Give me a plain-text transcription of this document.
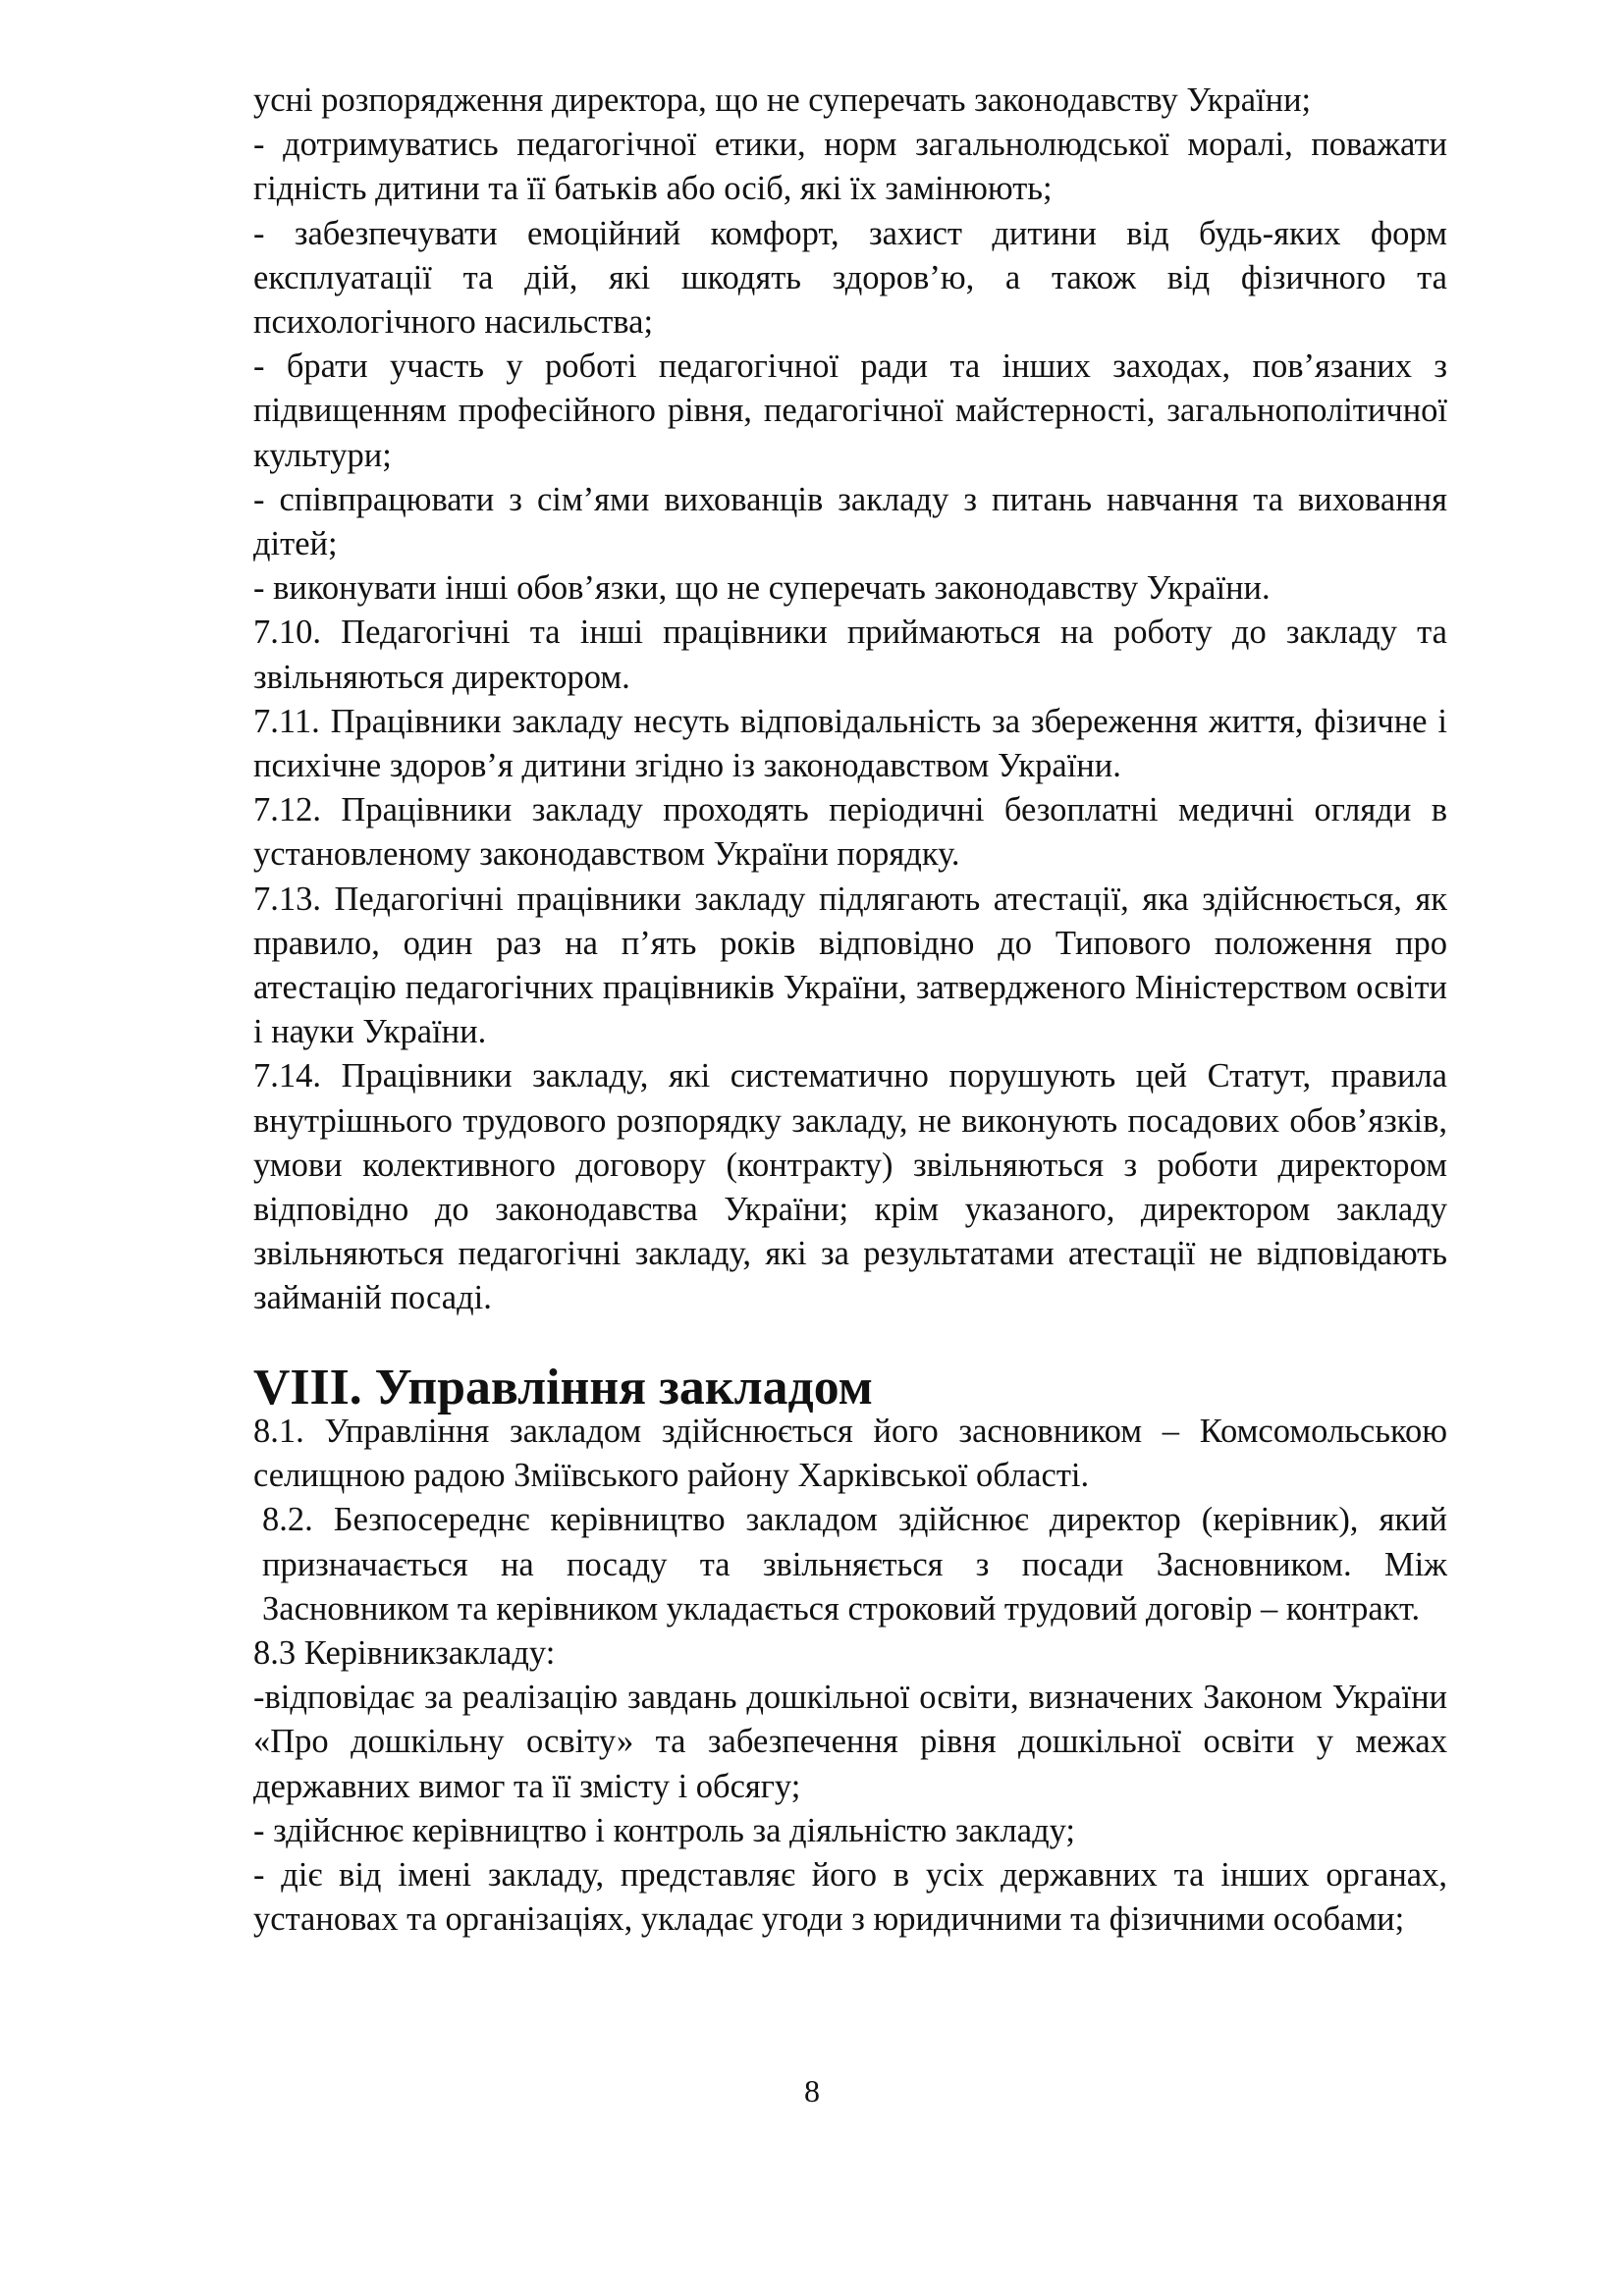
усні розпорядження директора, що не суперечать законодавству України;

- дотримуватись педагогічної етики, норм загальнолюдської моралі, поважати гідність дитини та її батьків або осіб, які їх замінюють;

- забезпечувати емоційний комфорт, захист дитини від будь-яких форм експлуатації та дій, які шкодять здоров’ю, а також від фізичного та психологічного насильства;

- брати участь у роботі педагогічної ради та інших заходах, пов’язаних з підвищенням професійного рівня, педагогічної майстерності, загальнополітичної культури;

- співпрацювати з сім’ями вихованців закладу з питань навчання та виховання дітей;

- виконувати інші обов’язки, що не суперечать законодавству України.

7.10. Педагогічні та інші працівники приймаються на роботу до закладу та звільняються директором.

7.11. Працівники закладу несуть відповідальність за збереження життя, фізичне і психічне здоров’я дитини згідно із законодавством України.

7.12. Працівники закладу проходять періодичні безоплатні медичні огляди в установленому законодавством України порядку.

7.13. Педагогічні працівники закладу підлягають атестації, яка здійснюється, як правило, один раз на п’ять років відповідно до Типового положення про атестацію педагогічних працівників України, затвердженого Міністерством освіти і науки України.

7.14. Працівники закладу, які систематично порушують цей Статут, правила внутрішнього трудового розпорядку закладу, не виконують посадових обов’язків, умови колективного договору (контракту) звільняються з роботи директором відповідно до законодавства України; крім указаного, директором закладу звільняються педагогічні закладу, які за результатами атестації не відповідають займаній посаді.

VIII. Управління закладом

8.1. Управління закладом здійснюється його засновником – Комсомольською селищною радою Зміївського району Харківської області.

8.2. Безпосереднє керівництво закладом здійснює директор (керівник), який призначається на посаду та звільняється з посади Засновником. Між Засновником та керівником укладається строковий трудовий договір – контракт.

8.3 Керівникзакладу:

-відповідає за реалізацію завдань дошкільної освіти, визначених Законом України «Про дошкільну освіту» та забезпечення рівня дошкільної освіти у межах державних вимог та її змісту і обсягу;

- здійснює керівництво і контроль за діяльністю закладу;

- діє від імені закладу, представляє його в усіх державних та інших органах, установах та організаціях, укладає угоди з юридичними та фізичними особами;

8
